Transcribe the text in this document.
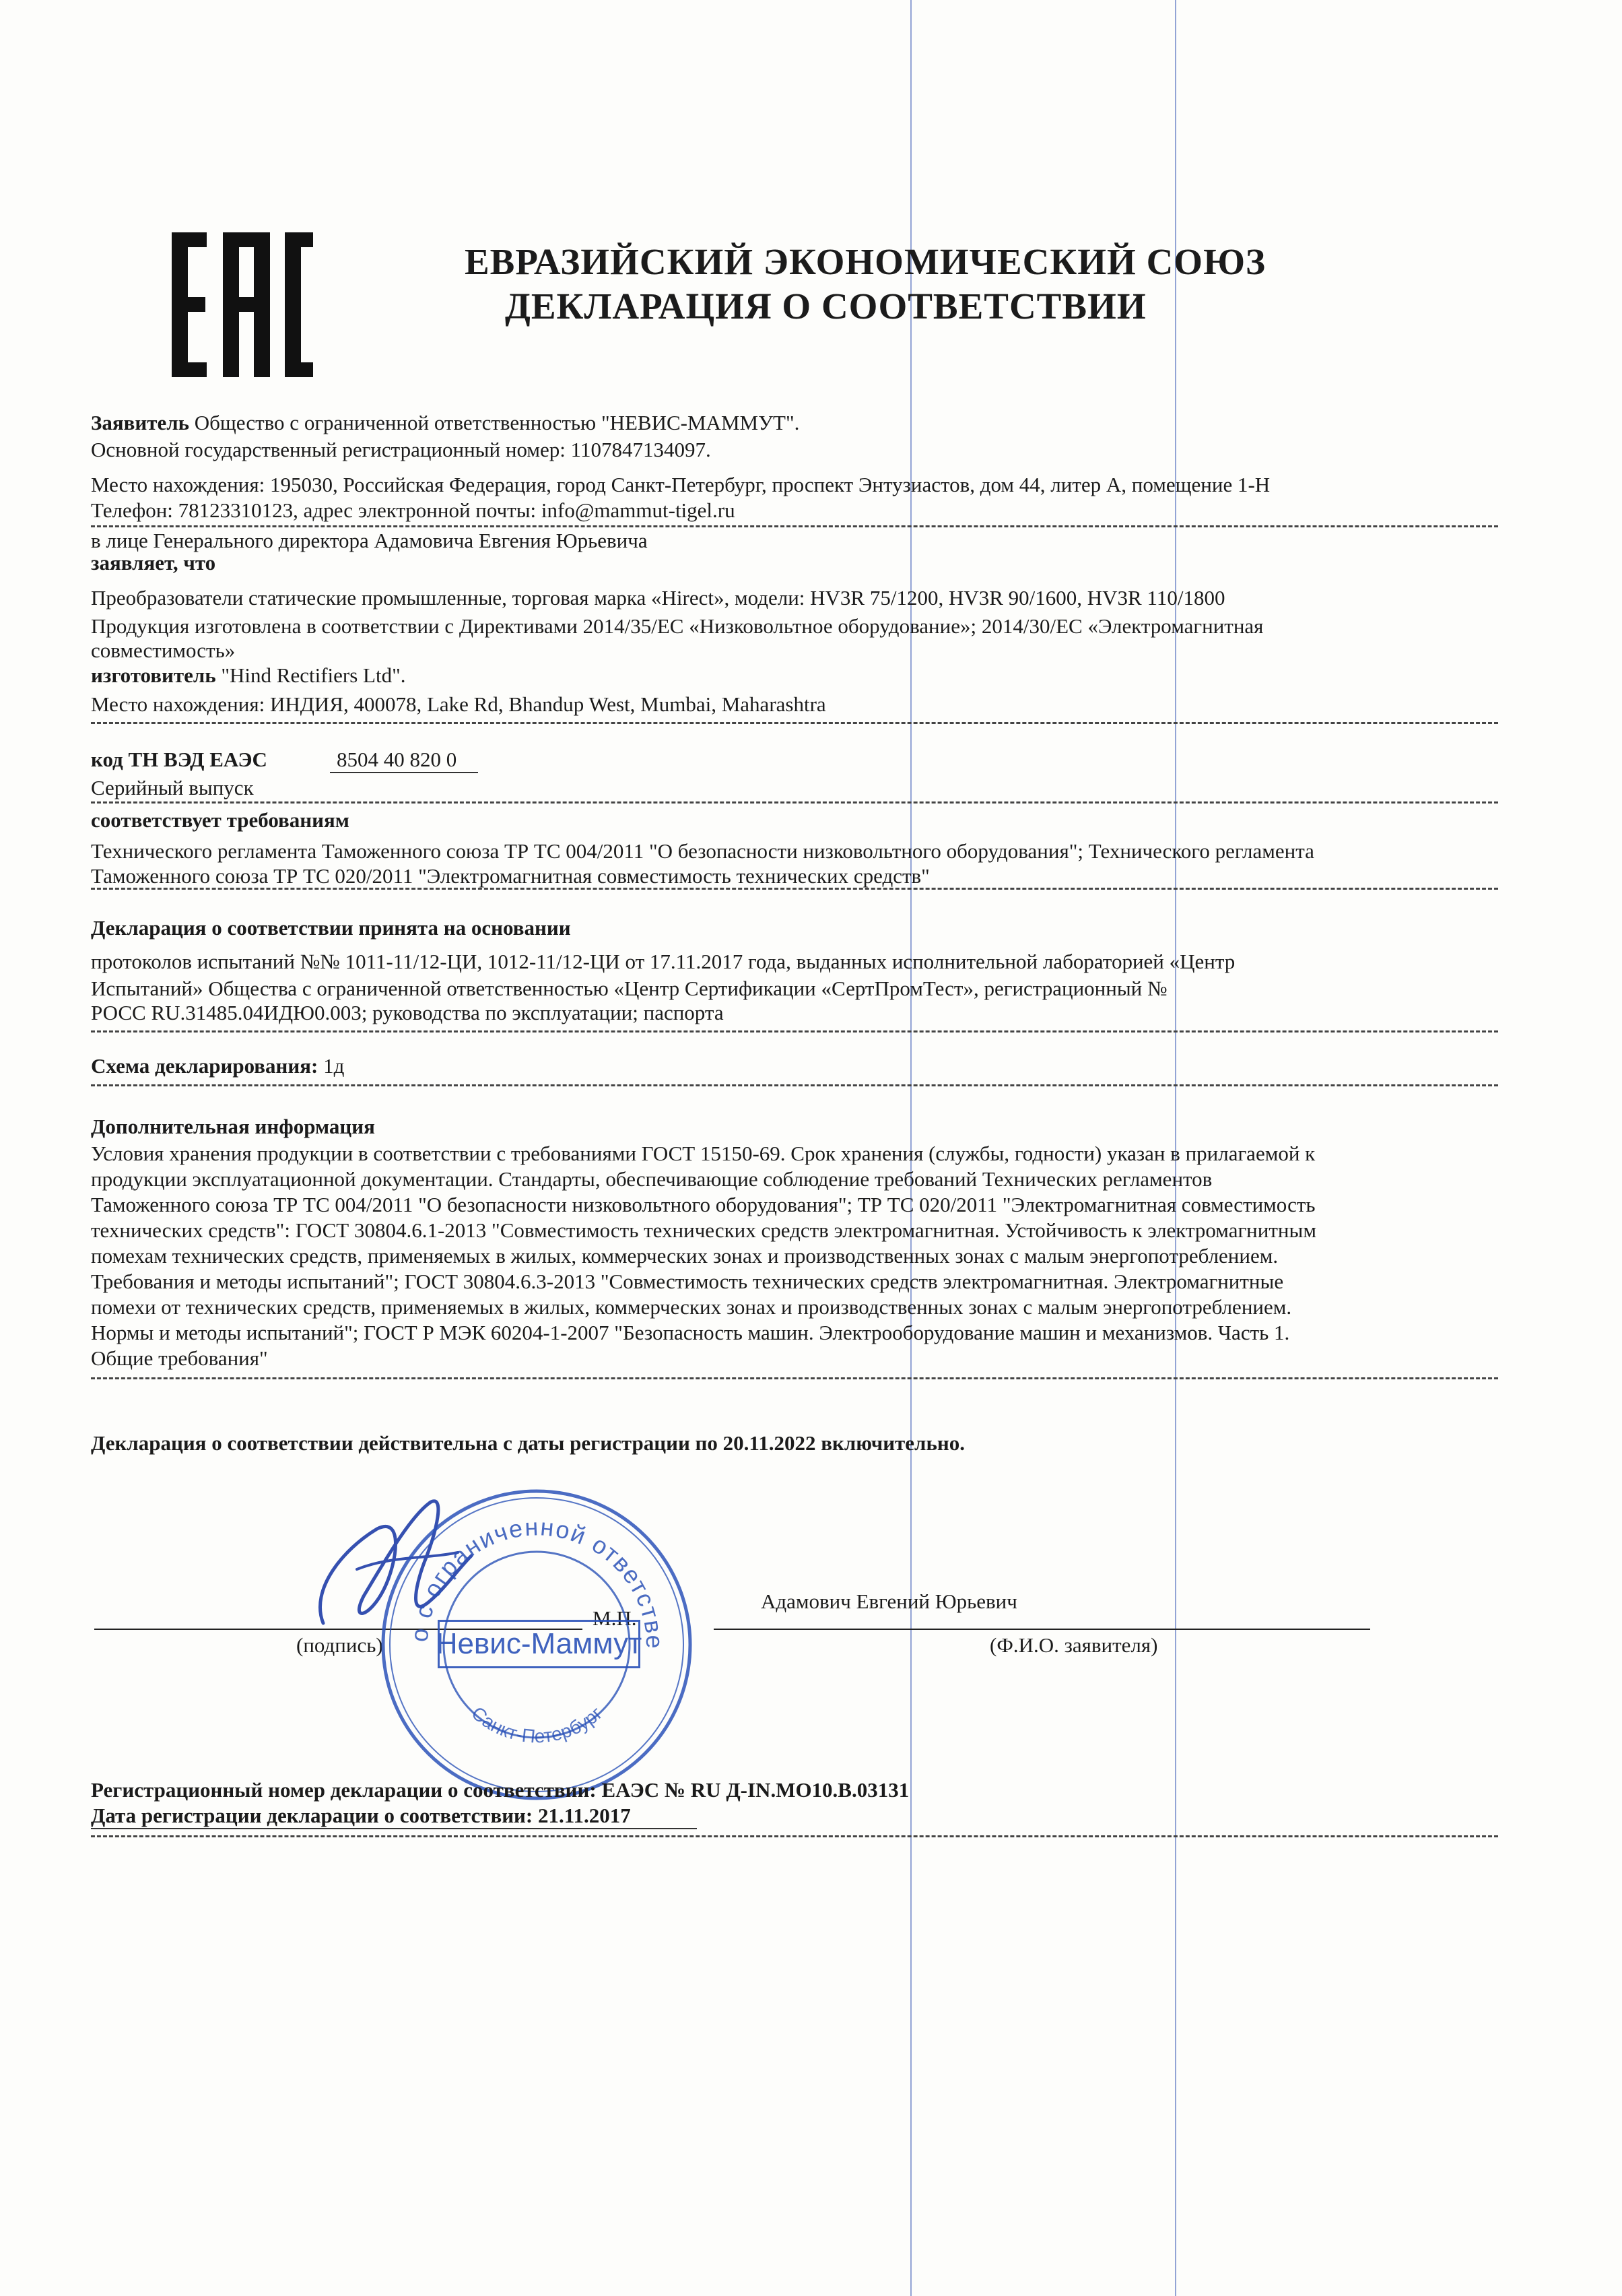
ЕВРАЗИЙСКИЙ ЭКОНОМИЧЕСКИЙ СОЮЗ
ДЕКЛАРАЦИЯ О СООТВЕТСТВИИ
Заявитель Общество с ограниченной ответственностью "НЕВИС-МАММУТ".
Основной государственный регистрационный номер: 1107847134097.
Место нахождения: 195030, Российская Федерация, город Санкт-Петербург, проспект Энтузиастов, дом 44, литер А, помещение 1-Н
Телефон: 78123310123, адрес электронной почты: info@mammut-tigel.ru
в лице Генерального директора Адамовича Евгения Юрьевича
заявляет, что
Преобразователи статические промышленные, торговая марка «Hirect», модели: HV3R 75/1200, HV3R 90/1600, HV3R 110/1800
Продукция изготовлена в соответствии с Директивами 2014/35/ЕС «Низковольтное оборудование»; 2014/30/ЕС «Электромагнитная
совместимость»
изготовитель "Hind Rectifiers Ltd".
Место нахождения: ИНДИЯ, 400078, Lake Rd, Bhandup West, Mumbai, Maharashtra
код ТН ВЭД ЕАЭС	8504 40 820 0
Серийный выпуск
соответствует требованиям
Технического регламента Таможенного союза ТР ТС 004/2011 "О безопасности низковольтного оборудования"; Технического регламента
Таможенного союза ТР ТС 020/2011 "Электромагнитная совместимость технических средств"
Декларация о соответствии принята на основании
протоколов испытаний №№ 1011-11/12-ЦИ, 1012-11/12-ЦИ от 17.11.2017 года, выданных исполнительной лабораторией «Центр
Испытаний» Общества с ограниченной ответственностью «Центр Сертификации «СертПромТест», регистрационный №
РОСС RU.31485.04ИДЮ0.003; руководства по эксплуатации; паспорта
Схема декларирования: 1д
Дополнительная информация
Условия хранения продукции в соответствии с требованиями ГОСТ 15150-69. Срок хранения (службы, годности) указан в прилагаемой к
продукции эксплуатационной документации. Стандарты, обеспечивающие соблюдение требований Технических регламентов
Таможенного союза ТР ТС 004/2011 "О безопасности низковольтного оборудования"; ТР ТС 020/2011 "Электромагнитная совместимость
технических средств": ГОСТ 30804.6.1-2013 "Совместимость технических средств электромагнитная. Устойчивость к электромагнитным
помехам технических средств, применяемых в жилых, коммерческих зонах и производственных зонах с малым энергопотреблением.
Требования и методы испытаний"; ГОСТ 30804.6.3-2013 "Совместимость технических средств электромагнитная. Электромагнитные
помехи от технических средств, применяемых в жилых, коммерческих зонах и производственных зонах с малым энергопотреблением.
Нормы и методы испытаний"; ГОСТ Р МЭК 60204-1-2007 "Безопасность машин. Электрооборудование машин и механизмов. Часть 1.
Общие требования"
Декларация о соответствии действительна с даты регистрации по 20.11.2022 включительно.
М.П.
(подпись)
Адамович Евгений Юрьевич
(Ф.И.О. заявителя)
о с ограниченной ответстве
Санкт-Петербург
Невис-Маммут
Регистрационный номер декларации о соответствии: ЕАЭС № RU Д-IN.МО10.В.03131
Дата регистрации декларации о соответствии: 21.11.2017
